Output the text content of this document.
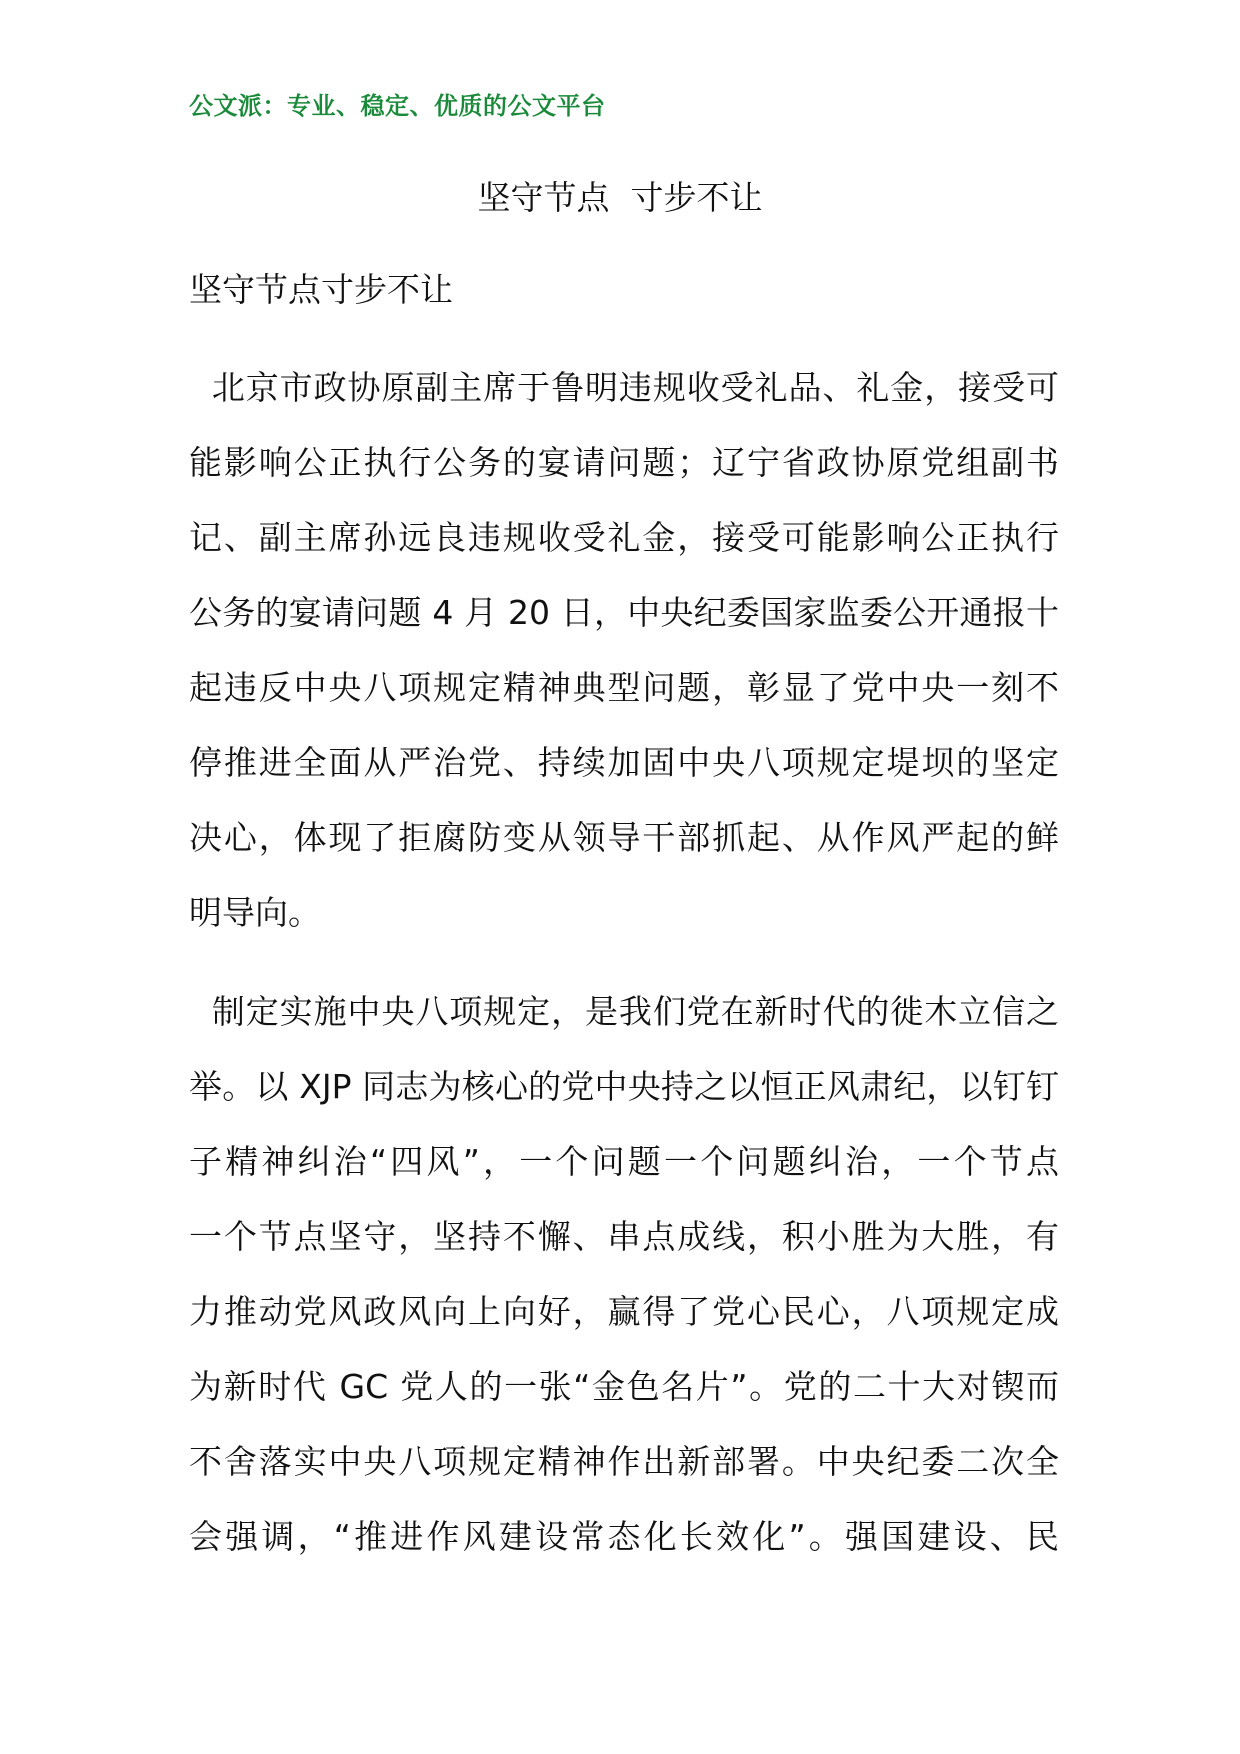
公文派：专业、稳定、优质的公文平台
坚守节点  寸步不让
坚守节点寸步不让
北京市政协原副主席于鲁明违规收受礼品、礼金，接受可
能影响公正执行公务的宴请问题；辽宁省政协原党组副书
记、副主席孙远良违规收受礼金，接受可能影响公正执行
公务的宴请问题 4 月 20 日，中央纪委国家监委公开通报十
起违反中央八项规定精神典型问题，彰显了党中央一刻不
停推进全面从严治党、持续加固中央八项规定堤坝的坚定
决心，体现了拒腐防变从领导干部抓起、从作风严起的鲜
明导向。
制定实施中央八项规定，是我们党在新时代的徙木立信之
举。以 XJP 同志为核心的党中央持之以恒正风肃纪，以钉钉
子精神纠治“四风”，一个问题一个问题纠治，一个节点
一个节点坚守，坚持不懈、串点成线，积小胜为大胜，有
力推动党风政风向上向好，赢得了党心民心，八项规定成
为新时代 GC 党人的一张“金色名片”。党的二十大对锲而
不舍落实中央八项规定精神作出新部署。中央纪委二次全
会强调，“推进作风建设常态化长效化”。强国建设、民
